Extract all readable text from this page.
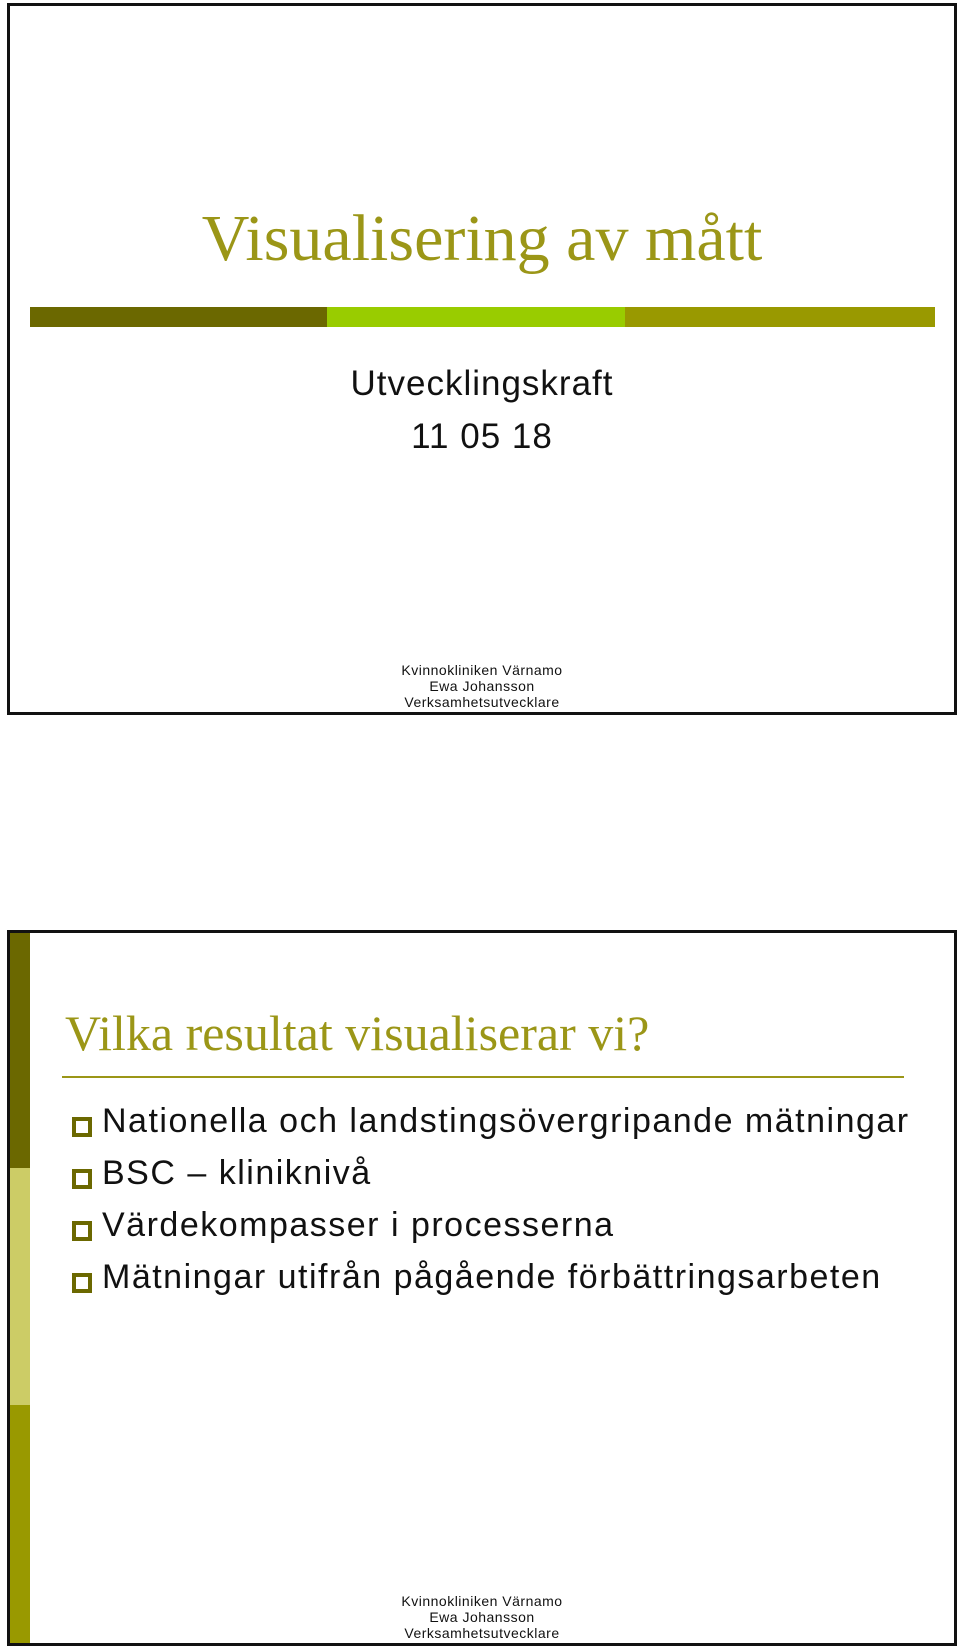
Visualisering av mått
Utvecklingskraft
11 05 18
Kvinnokliniken Värnamo
Ewa Johansson
Verksamhetsutvecklare
Vilka resultat visualiserar vi?
Nationella och landstingsövergripande mätningar
BSC – kliniknivå
Värdekompasser i processerna
Mätningar utifrån pågående förbättringsarbeten
Kvinnokliniken Värnamo
Ewa Johansson
Verksamhetsutvecklare
